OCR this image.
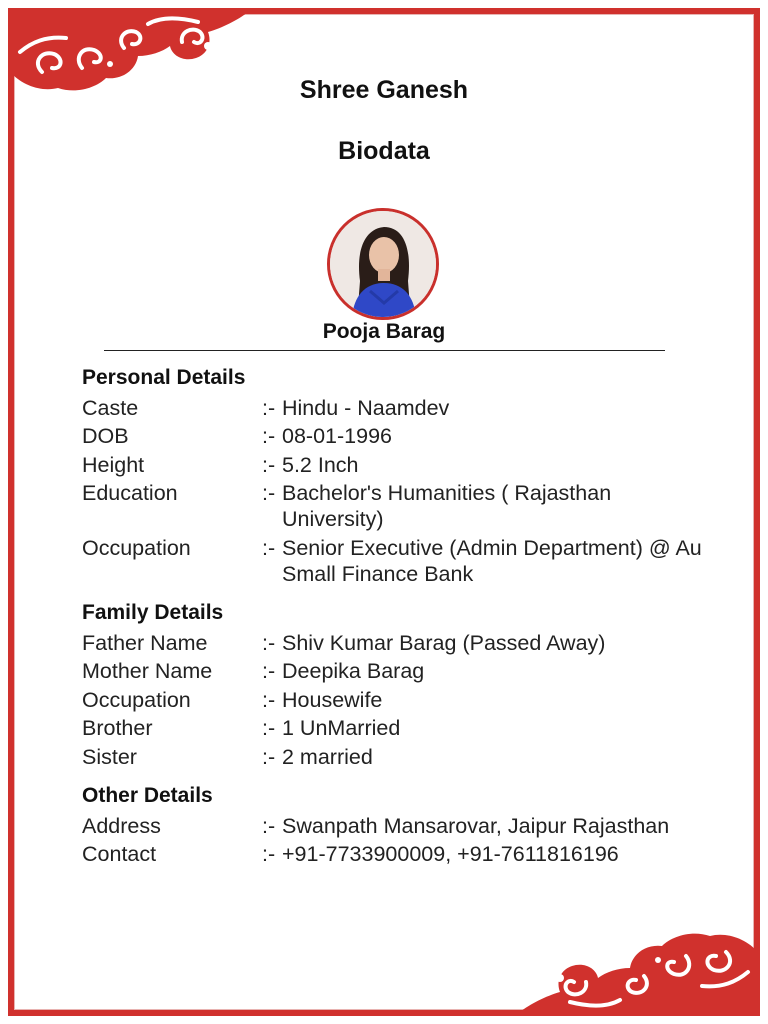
Shree Ganesh
Biodata
Pooja Barag
Personal Details
Caste	:- Hindu - Naamdev
DOB	:- 08-01-1996
Height	:- 5.2 Inch
Education	:- Bachelor's Humanities ( Rajasthan University)
Occupation	:- Senior Executive (Admin Department) @ Au Small Finance Bank
Family Details
Father Name	:- Shiv Kumar Barag (Passed Away)
Mother Name	:- Deepika Barag
Occupation	:- Housewife
Brother	:- 1 UnMarried
Sister	:- 2 married
Other Details
Address	:- Swanpath Mansarovar, Jaipur Rajasthan
Contact	:- +91-7733900009, +91-7611816196
